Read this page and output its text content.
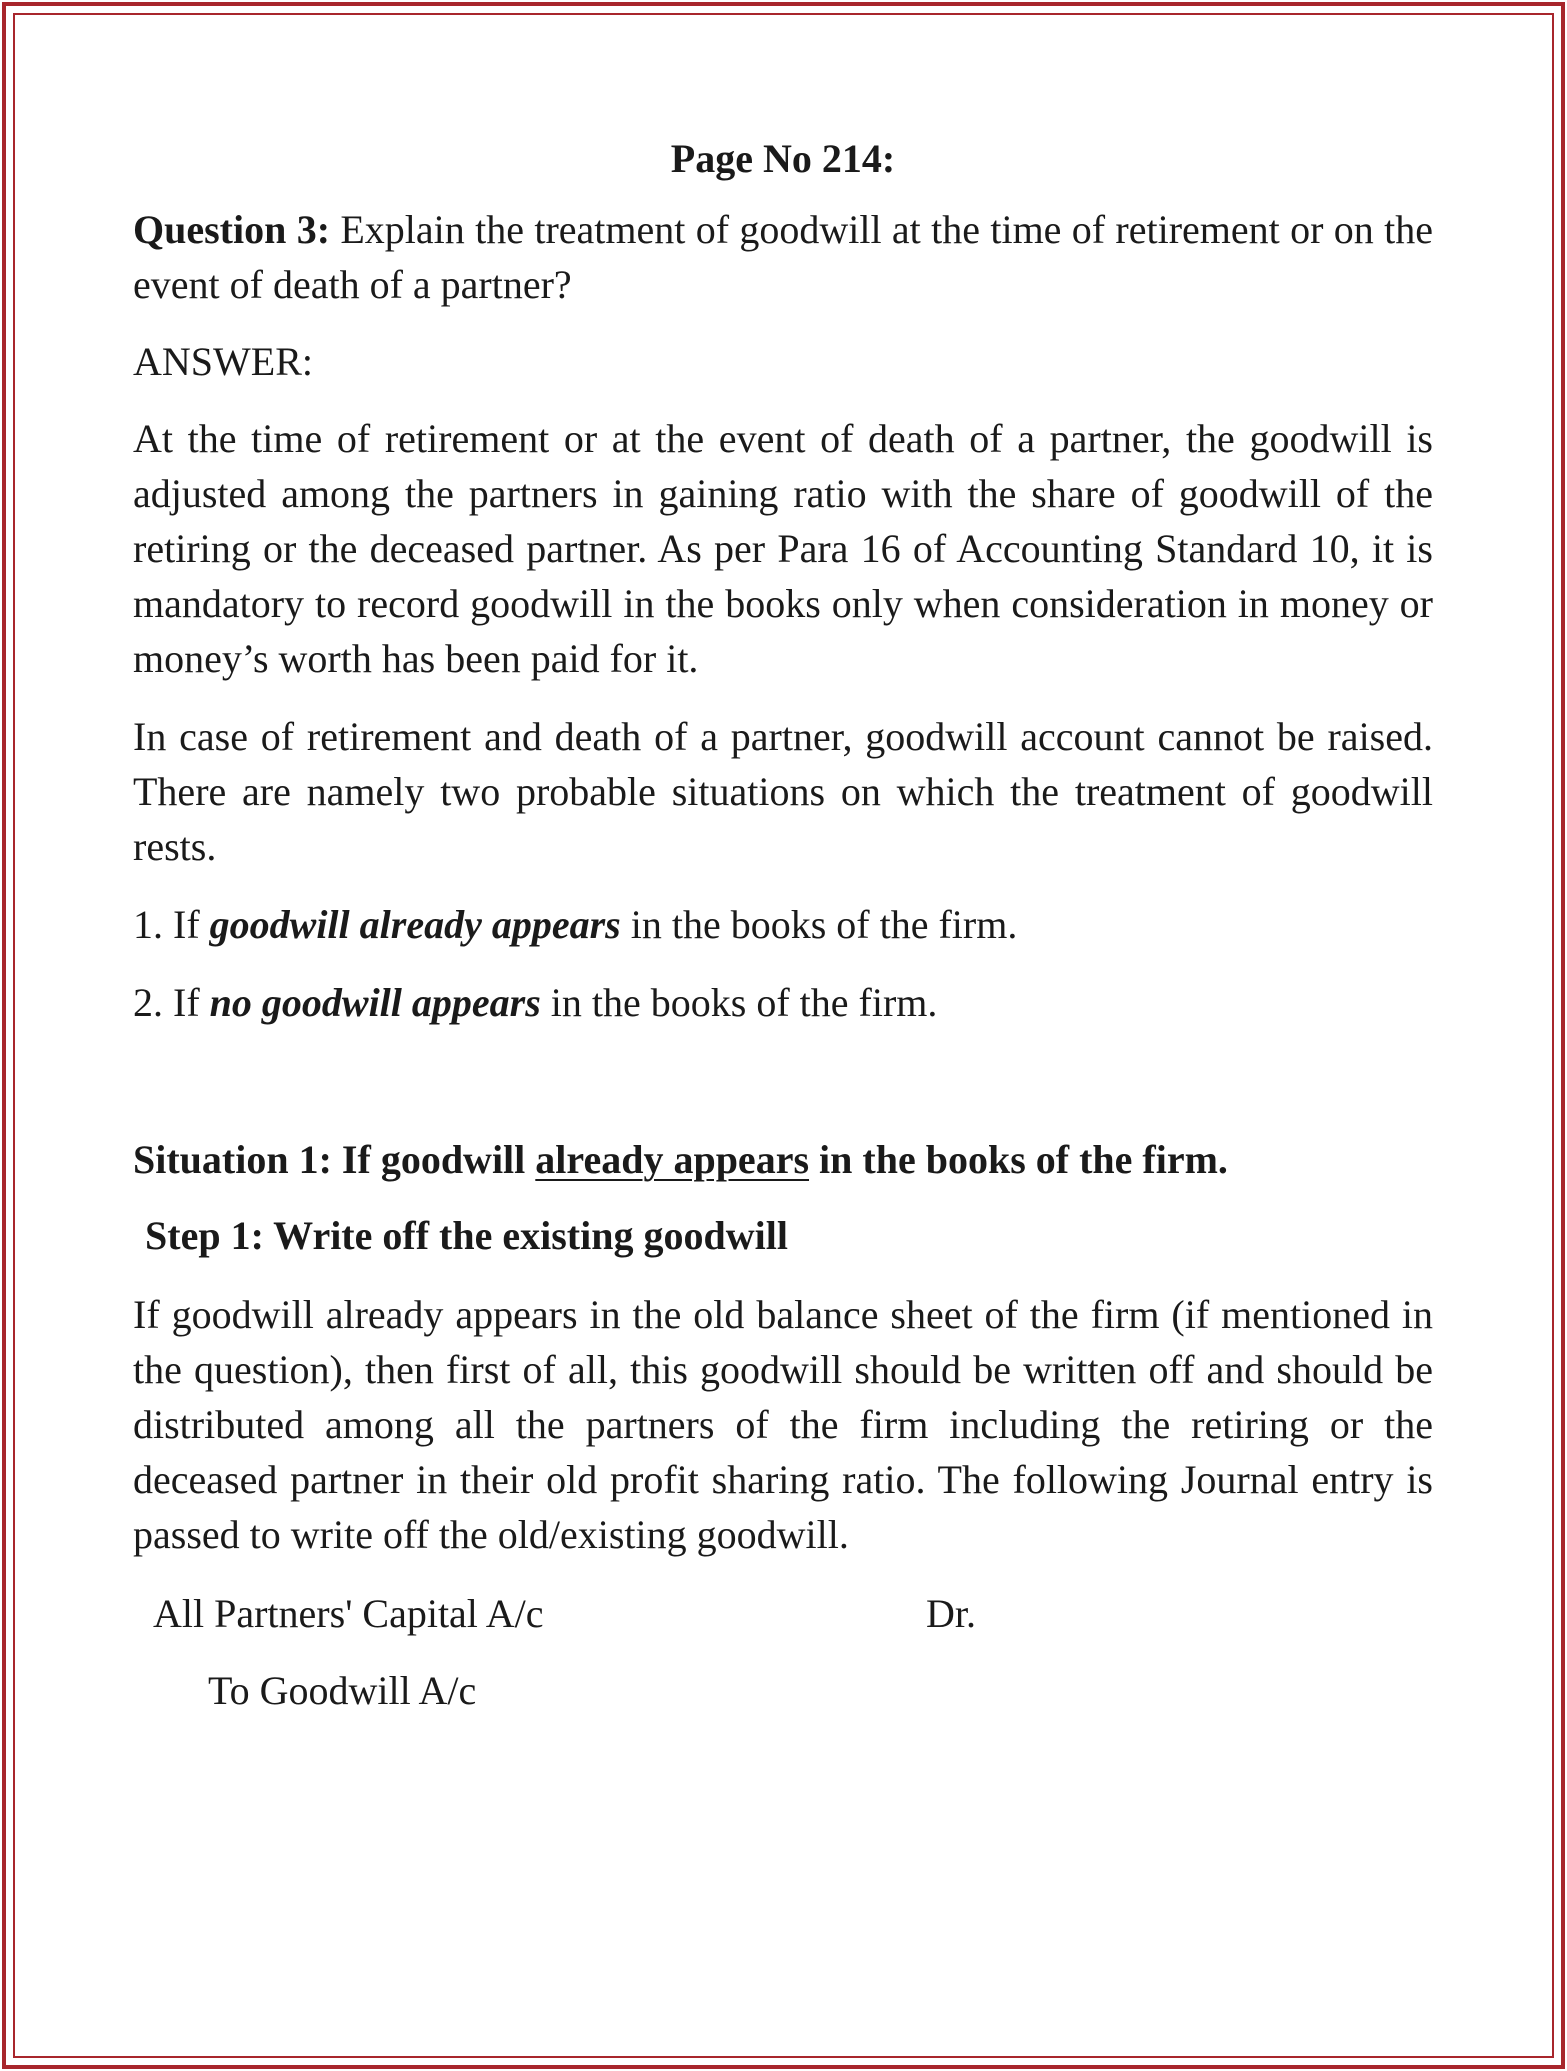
Page No 214:

Question 3: Explain the treatment of goodwill at the time of retirement or on the event of death of a partner?

ANSWER:

At the time of retirement or at the event of death of a partner, the goodwill is adjusted among the partners in gaining ratio with the share of goodwill of the retiring or the deceased partner. As per Para 16 of Accounting Standard 10, it is mandatory to record goodwill in the books only when consideration in money or money’s worth has been paid for it.

In case of retirement and death of a partner, goodwill account cannot be raised. There are namely two probable situations on which the treatment of goodwill rests.

1. If goodwill already appears in the books of the firm.

2. If no goodwill appears in the books of the firm.

Situation 1: If goodwill already appears in the books of the firm.

Step 1: Write off the existing goodwill

If goodwill already appears in the old balance sheet of the firm (if mentioned in the question), then first of all, this goodwill should be written off and should be distributed among all the partners of the firm including the retiring or the deceased partner in their old profit sharing ratio. The following Journal entry is passed to write off the old/existing goodwill.

All Partners' Capital A/c	Dr.
To Goodwill A/c
